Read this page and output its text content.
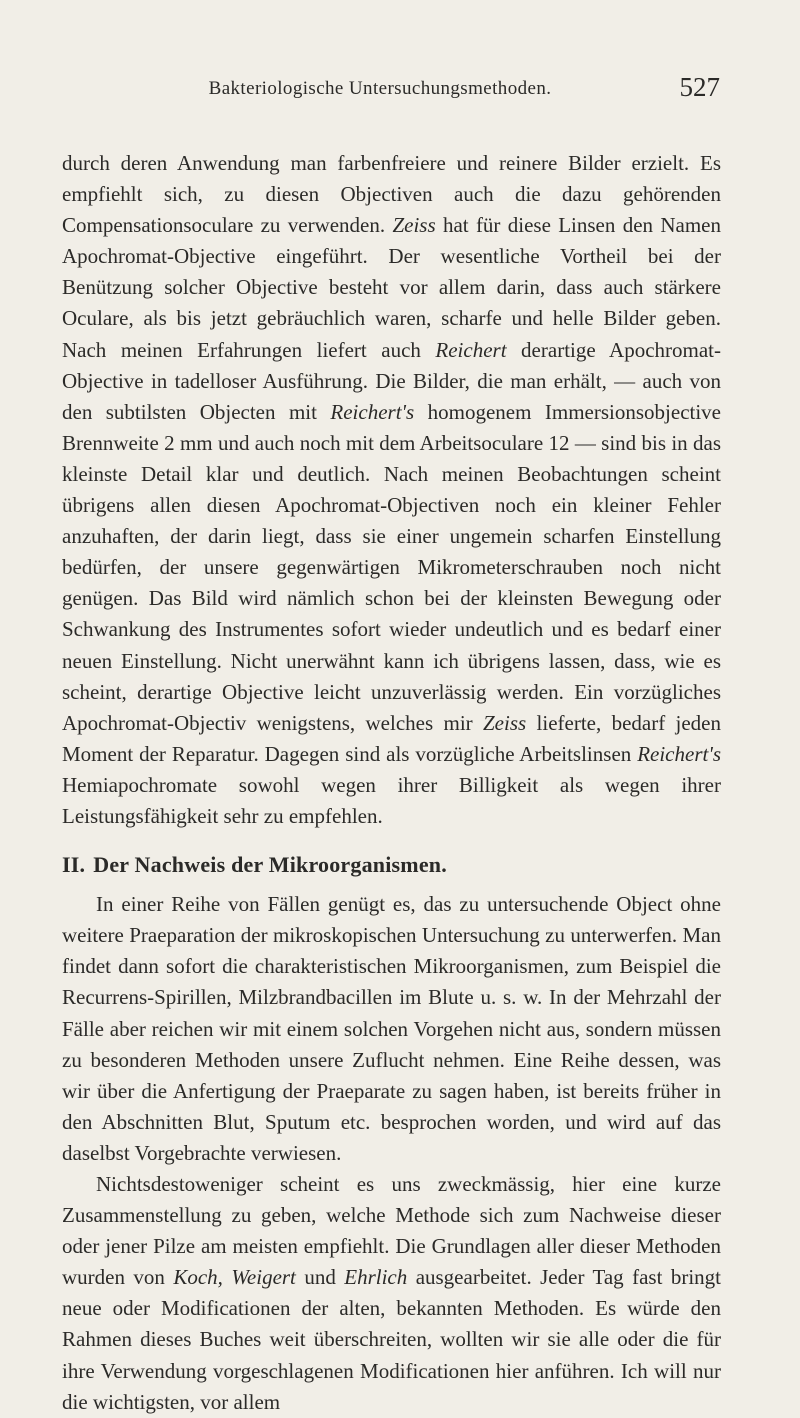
Bakteriologische Untersuchungsmethoden.	527

durch deren Anwendung man farbenfreiere und reinere Bilder erzielt. Es empfiehlt sich, zu diesen Objectiven auch die dazu gehörenden Compensationsoculare zu verwenden. Zeiss hat für diese Linsen den Namen Apochromat-Objective eingeführt. Der wesentliche Vortheil bei der Benützung solcher Objective besteht vor allem darin, dass auch stärkere Oculare, als bis jetzt gebräuchlich waren, scharfe und helle Bilder geben. Nach meinen Erfahrungen liefert auch Reichert derartige Apochromat-Objective in tadelloser Ausführung. Die Bilder, die man erhält, — auch von den subtilsten Objecten mit Reichert's homogenem Immersionsobjective Brennweite 2 mm und auch noch mit dem Arbeitsoculare 12 — sind bis in das kleinste Detail klar und deutlich. Nach meinen Beobachtungen scheint übrigens allen diesen Apochromat-Objectiven noch ein kleiner Fehler anzuhaften, der darin liegt, dass sie einer ungemein scharfen Einstellung bedürfen, der unsere gegenwärtigen Mikrometerschrauben noch nicht genügen. Das Bild wird nämlich schon bei der kleinsten Bewegung oder Schwankung des Instrumentes sofort wieder undeutlich und es bedarf einer neuen Einstellung. Nicht unerwähnt kann ich übrigens lassen, dass, wie es scheint, derartige Objective leicht unzuverlässig werden. Ein vorzügliches Apochromat-Objectiv wenigstens, welches mir Zeiss lieferte, bedarf jeden Moment der Reparatur. Dagegen sind als vorzügliche Arbeitslinsen Reichert's Hemiapochromate sowohl wegen ihrer Billigkeit als wegen ihrer Leistungsfähigkeit sehr zu empfehlen.

II. Der Nachweis der Mikroorganismen.

In einer Reihe von Fällen genügt es, das zu untersuchende Object ohne weitere Praeparation der mikroskopischen Untersuchung zu unterwerfen. Man findet dann sofort die charakteristischen Mikroorganismen, zum Beispiel die Recurrens-Spirillen, Milzbrandbacillen im Blute u. s. w. In der Mehrzahl der Fälle aber reichen wir mit einem solchen Vorgehen nicht aus, sondern müssen zu besonderen Methoden unsere Zuflucht nehmen. Eine Reihe dessen, was wir über die Anfertigung der Praeparate zu sagen haben, ist bereits früher in den Abschnitten Blut, Sputum etc. besprochen worden, und wird auf das daselbst Vorgebrachte verwiesen.

Nichtsdestoweniger scheint es uns zweckmässig, hier eine kurze Zusammenstellung zu geben, welche Methode sich zum Nachweise dieser oder jener Pilze am meisten empfiehlt. Die Grundlagen aller dieser Methoden wurden von Koch, Weigert und Ehrlich ausgearbeitet. Jeder Tag fast bringt neue oder Modificationen der alten, bekannten Methoden. Es würde den Rahmen dieses Buches weit überschreiten, wollten wir sie alle oder die für ihre Verwendung vorgeschlagenen Modificationen hier anführen. Ich will nur die wichtigsten, vor allem
